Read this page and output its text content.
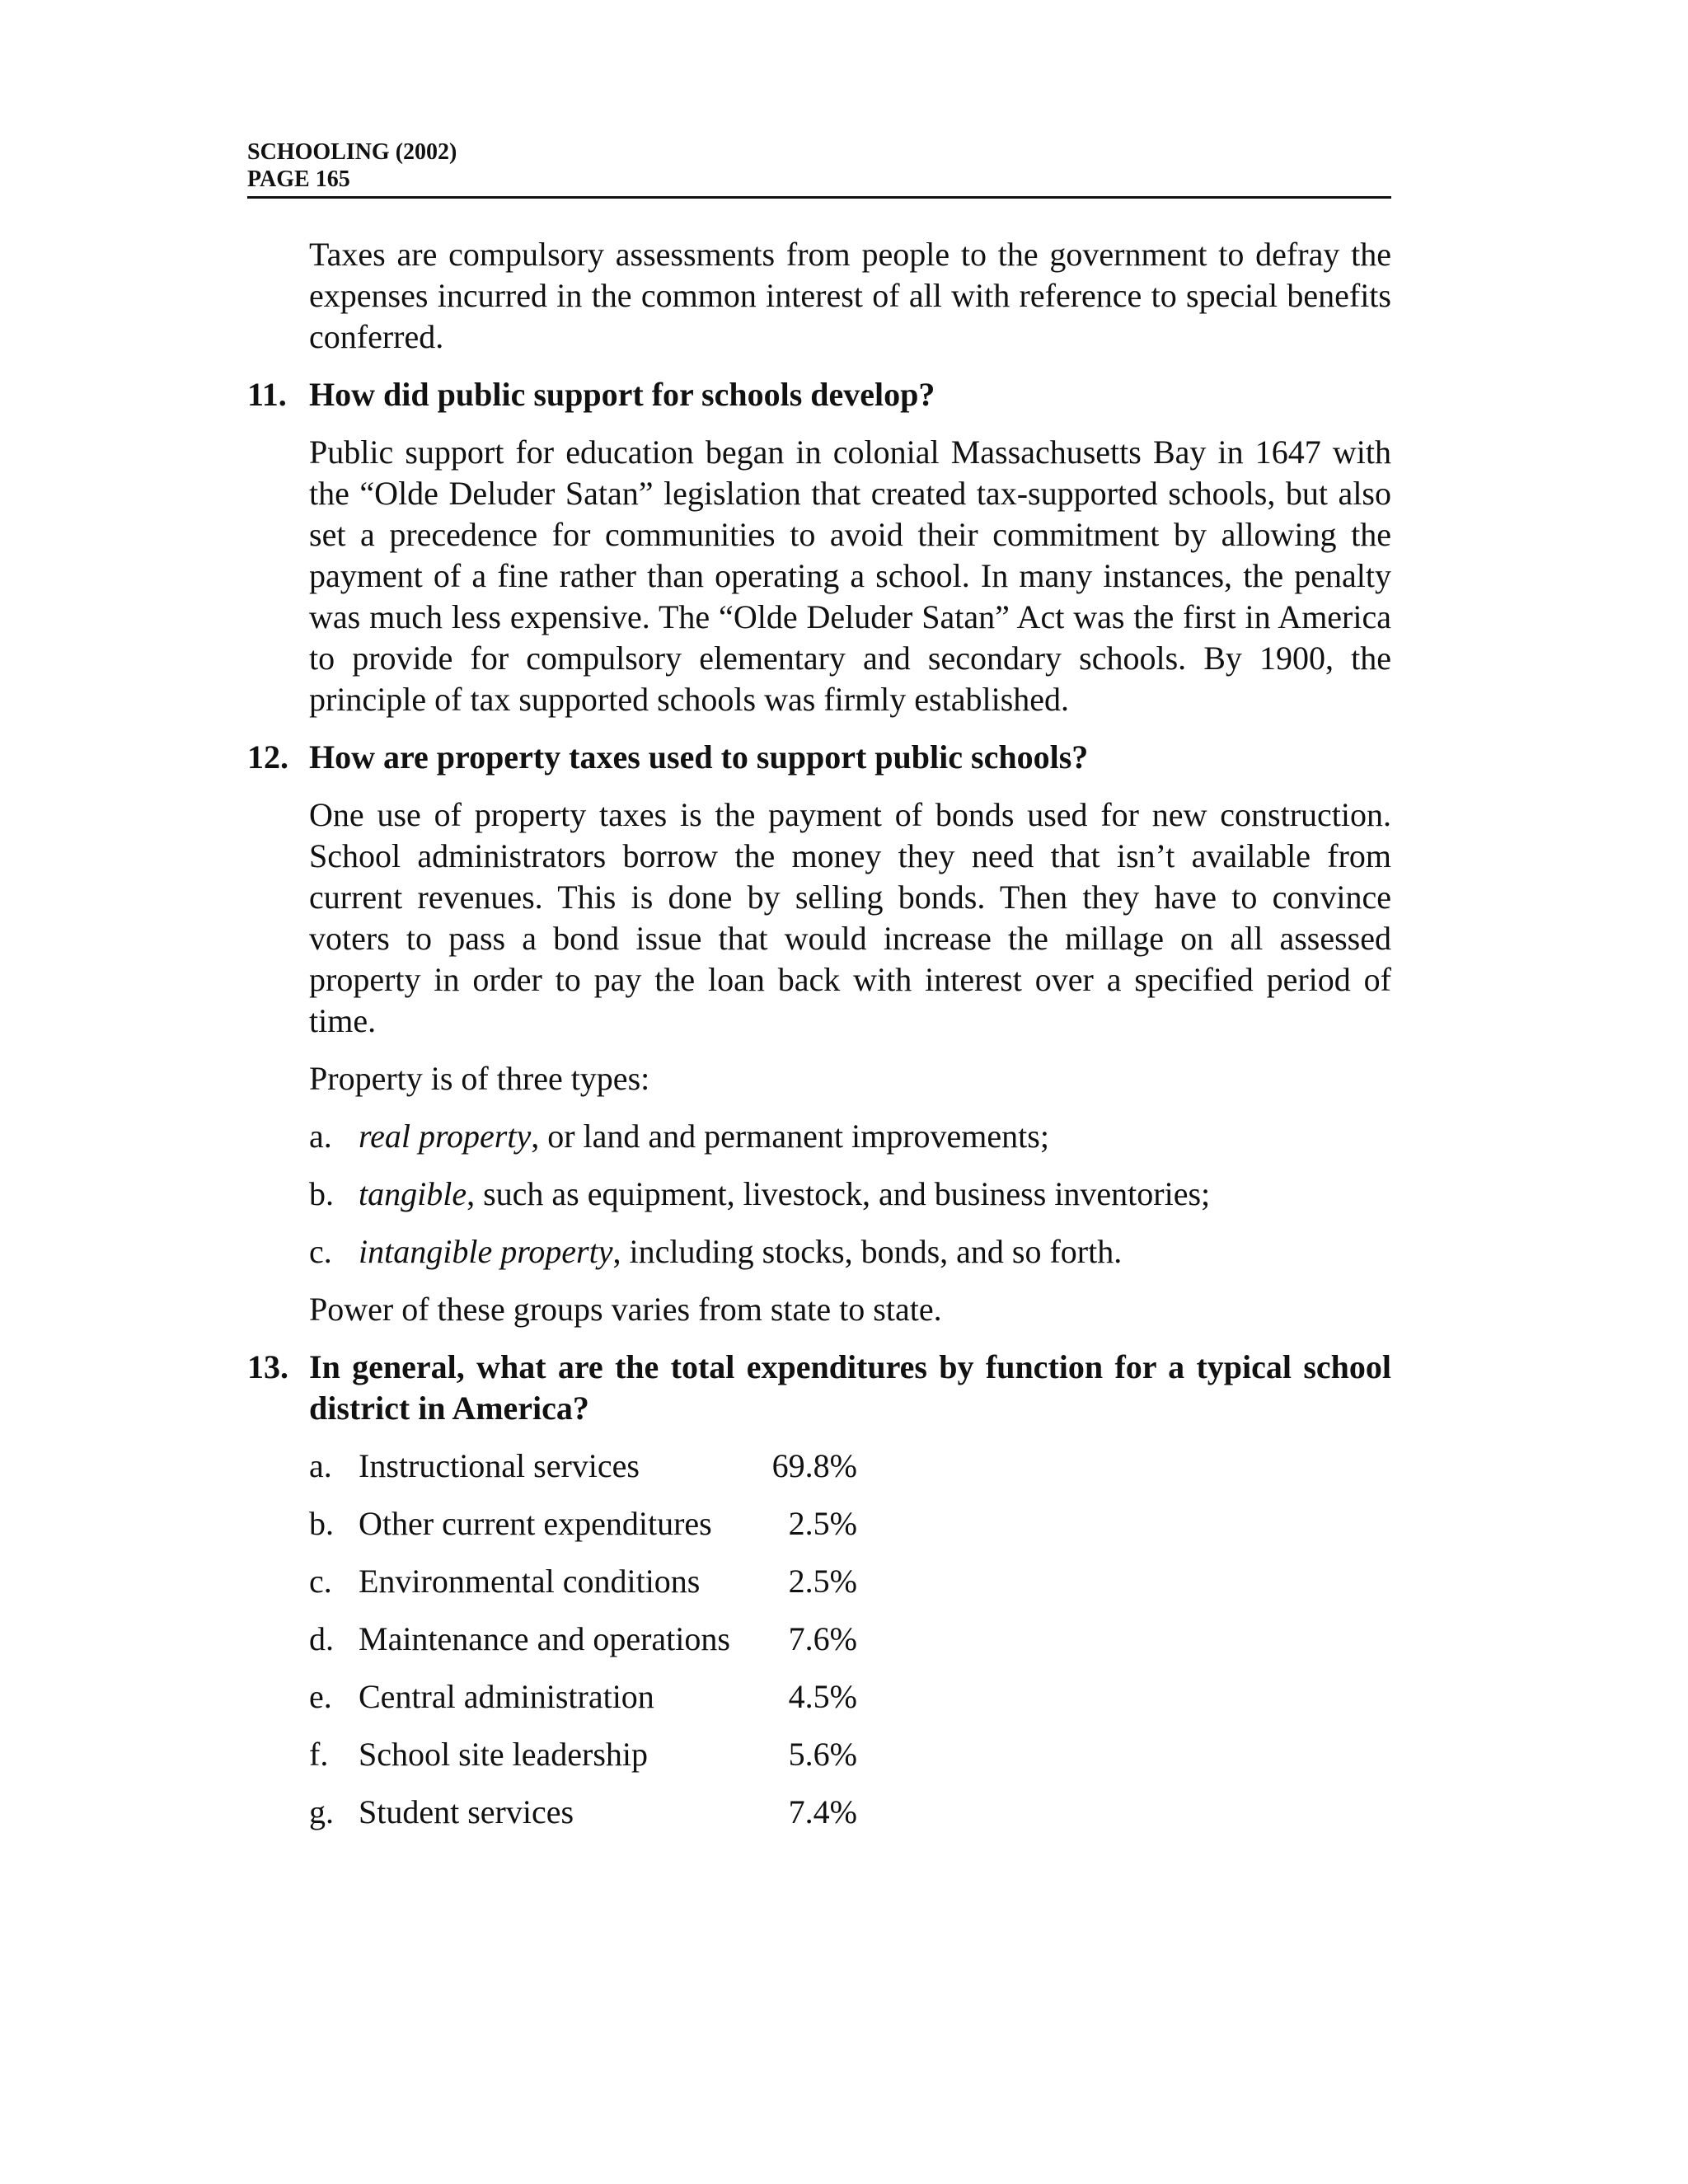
SCHOOLING (2002)
PAGE 165

Taxes are compulsory assessments from people to the government to defray the expenses incurred in the common interest of all with reference to special benefits conferred.

11. How did public support for schools develop?

Public support for education began in colonial Massachusetts Bay in 1647 with the “Olde Deluder Satan” legislation that created tax-supported schools, but also set a precedence for communities to avoid their commitment by allowing the payment of a fine rather than operating a school. In many instances, the penalty was much less expensive. The “Olde Deluder Satan” Act was the first in America to provide for compulsory elementary and secondary schools. By 1900, the principle of tax supported schools was firmly established.

12. How are property taxes used to support public schools?

One use of property taxes is the payment of bonds used for new construction. School administrators borrow the money they need that isn’t available from current revenues. This is done by selling bonds. Then they have to convince voters to pass a bond issue that would increase the millage on all assessed property in order to pay the loan back with interest over a specified period of time.

Property is of three types:

a. real property, or land and permanent improvements;
b. tangible, such as equipment, livestock, and business inventories;
c. intangible property, including stocks, bonds, and so forth.

Power of these groups varies from state to state.

13. In general, what are the total expenditures by function for a typical school district in America?
a. Instructional services	69.8%
b. Other current expenditures	2.5%
c. Environmental conditions	2.5%
d. Maintenance and operations	7.6%
e. Central administration	4.5%
f. School site leadership	5.6%
g. Student services	7.4%
